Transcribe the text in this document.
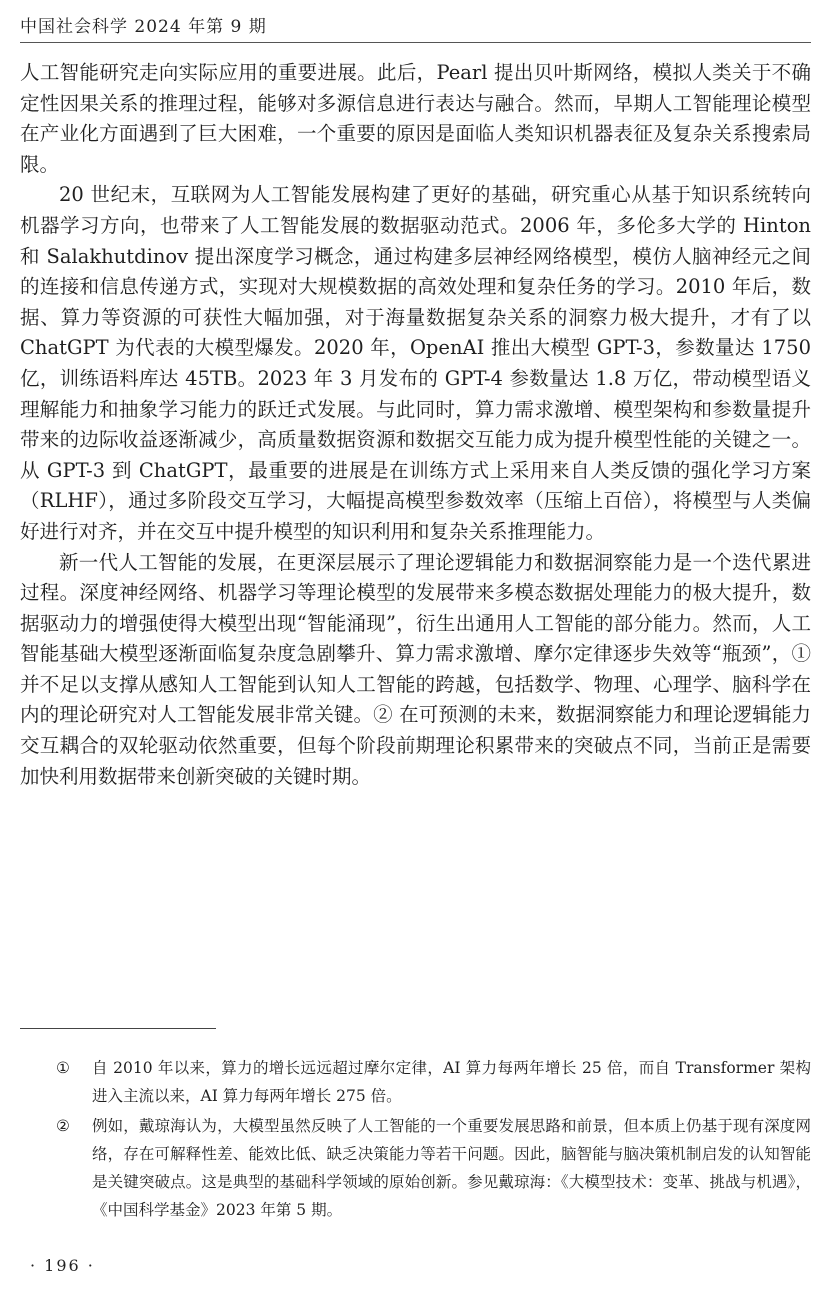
中国社会科学 2024 年第 9 期

人工智能研究走向实际应用的重要进展。此后，Pearl 提出贝叶斯网络，模拟人类关于不确定性因果关系的推理过程，能够对多源信息进行表达与融合。然而，早期人工智能理论模型在产业化方面遇到了巨大困难，一个重要的原因是面临人类知识机器表征及复杂关系搜索局限。

20 世纪末，互联网为人工智能发展构建了更好的基础，研究重心从基于知识系统转向机器学习方向，也带来了人工智能发展的数据驱动范式。2006 年，多伦多大学的 Hinton 和 Salakhutdinov 提出深度学习概念，通过构建多层神经网络模型，模仿人脑神经元之间的连接和信息传递方式，实现对大规模数据的高效处理和复杂任务的学习。2010 年后，数据、算力等资源的可获性大幅加强，对于海量数据复杂关系的洞察力极大提升，才有了以 ChatGPT 为代表的大模型爆发。2020 年，OpenAI 推出大模型 GPT-3，参数量达 1750 亿，训练语料库达 45TB。2023 年 3 月发布的 GPT-4 参数量达 1.8 万亿，带动模型语义理解能力和抽象学习能力的跃迁式发展。与此同时，算力需求激增、模型架构和参数量提升带来的边际收益逐渐减少，高质量数据资源和数据交互能力成为提升模型性能的关键之一。从 GPT-3 到 ChatGPT，最重要的进展是在训练方式上采用来自人类反馈的强化学习方案（RLHF），通过多阶段交互学习，大幅提高模型参数效率（压缩上百倍），将模型与人类偏好进行对齐，并在交互中提升模型的知识利用和复杂关系推理能力。

新一代人工智能的发展，在更深层展示了理论逻辑能力和数据洞察能力是一个迭代累进过程。深度神经网络、机器学习等理论模型的发展带来多模态数据处理能力的极大提升，数据驱动力的增强使得大模型出现“智能涌现”，衍生出通用人工智能的部分能力。然而，人工智能基础大模型逐渐面临复杂度急剧攀升、算力需求激增、摩尔定律逐步失效等“瓶颈”，① 并不足以支撑从感知人工智能到认知人工智能的跨越，包括数学、物理、心理学、脑科学在内的理论研究对人工智能发展非常关键。② 在可预测的未来，数据洞察能力和理论逻辑能力交互耦合的双轮驱动依然重要，但每个阶段前期理论积累带来的突破点不同，当前正是需要加快利用数据带来创新突破的关键时期。

① 自 2010 年以来，算力的增长远远超过摩尔定律，AI 算力每两年增长 25 倍，而自 Transformer 架构进入主流以来，AI 算力每两年增长 275 倍。
② 例如，戴琼海认为，大模型虽然反映了人工智能的一个重要发展思路和前景，但本质上仍基于现有深度网络，存在可解释性差、能效比低、缺乏决策能力等若干问题。因此，脑智能与脑决策机制启发的认知智能是关键突破点。这是典型的基础科学领域的原始创新。参见戴琼海：《大模型技术：变革、挑战与机遇》，《中国科学基金》2023 年第 5 期。
· 196 ·
